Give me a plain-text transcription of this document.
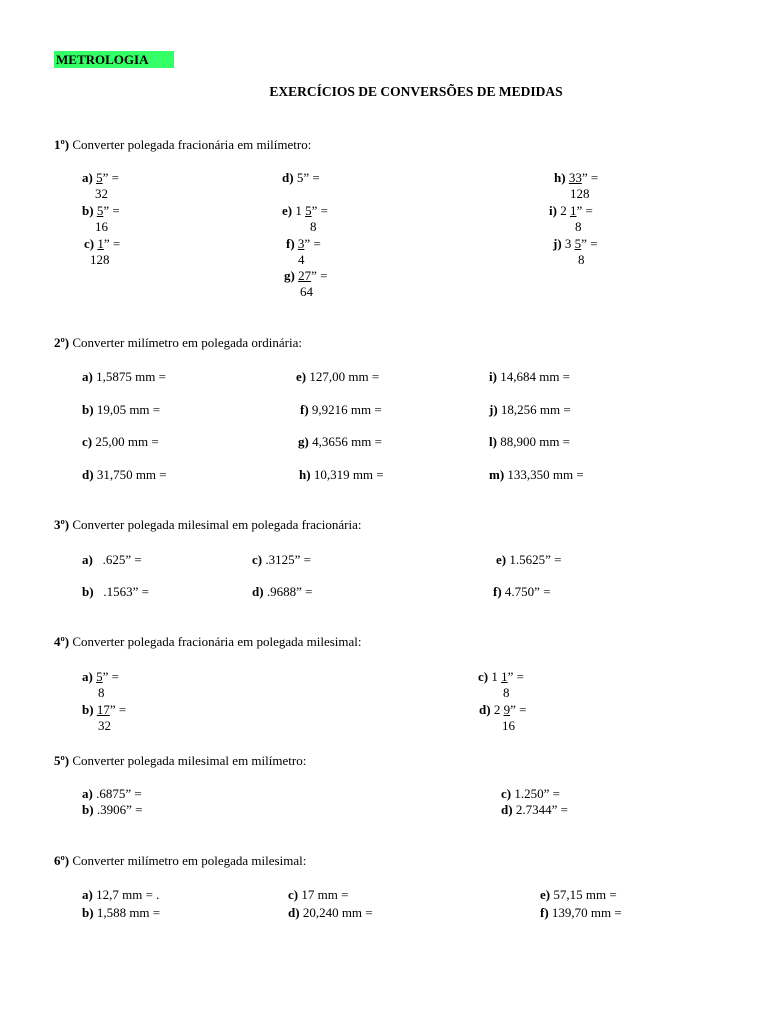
METROLOGIA
EXERCÍCIOS DE CONVERSÕES DE MEDIDAS
1º) Converter polegada fracionária em milímetro:
a) 5” =
32
b) 5” =
16
c) 1” =
128
d) 5” =
e) 1 5” =
8
f) 3” =
4
g) 27” =
64
h) 33” =
128
i) 2 1” =
8
j) 3 5” =
8
2º) Converter milímetro em polegada ordinária:
a) 1,5875 mm =
b) 19,05 mm =
c) 25,00 mm =
d) 31,750 mm =
e) 127,00 mm =
f) 9,9216 mm =
g) 4,3656 mm =
h) 10,319 mm =
i) 14,684 mm =
j) 18,256 mm =
l) 88,900 mm =
m) 133,350 mm =
3º) Converter polegada milesimal em polegada fracionária:
a) .625” =
b) .1563” =
c) .3125” =
d) .9688” =
e) 1.5625” =
f) 4.750” =
4º) Converter polegada fracionária em polegada milesimal:
a) 5” =
8
b) 17” =
32
c) 1 1” =
8
d) 2 9” =
16
5º) Converter polegada milesimal em milímetro:
a) .6875” =
b) .3906” =
c) 1.250” =
d) 2.7344” =
6º) Converter milímetro em polegada milesimal:
a) 12,7 mm = .
b) 1,588 mm =
c) 17 mm =
d) 20,240 mm =
e) 57,15 mm =
f) 139,70 mm =
